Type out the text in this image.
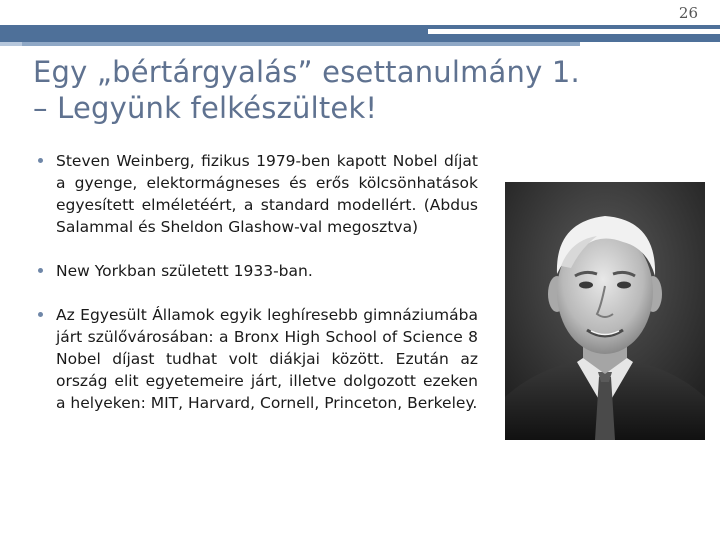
26
Egy „bértárgyalás” esettanulmány 1.
– Legyünk felkészültek!
Steven Weinberg, fizikus 1979-ben kapott Nobel díjat a gyenge, elektormágneses és erős kölcsönhatások egyesített elméletéért, a standard modellért. (Abdus Salammal és Sheldon Glashow-val megosztva)
New Yorkban született 1933-ban.
Az Egyesült Államok egyik leghíresebb gimnáziumába járt szülővárosában: a Bronx High School of Science 8 Nobel díjast tudhat volt diákjai között. Ezután az ország elit egyetemeire járt, illetve dolgozott ezeken a helyeken: MIT, Harvard, Cornell, Princeton, Berkeley.
